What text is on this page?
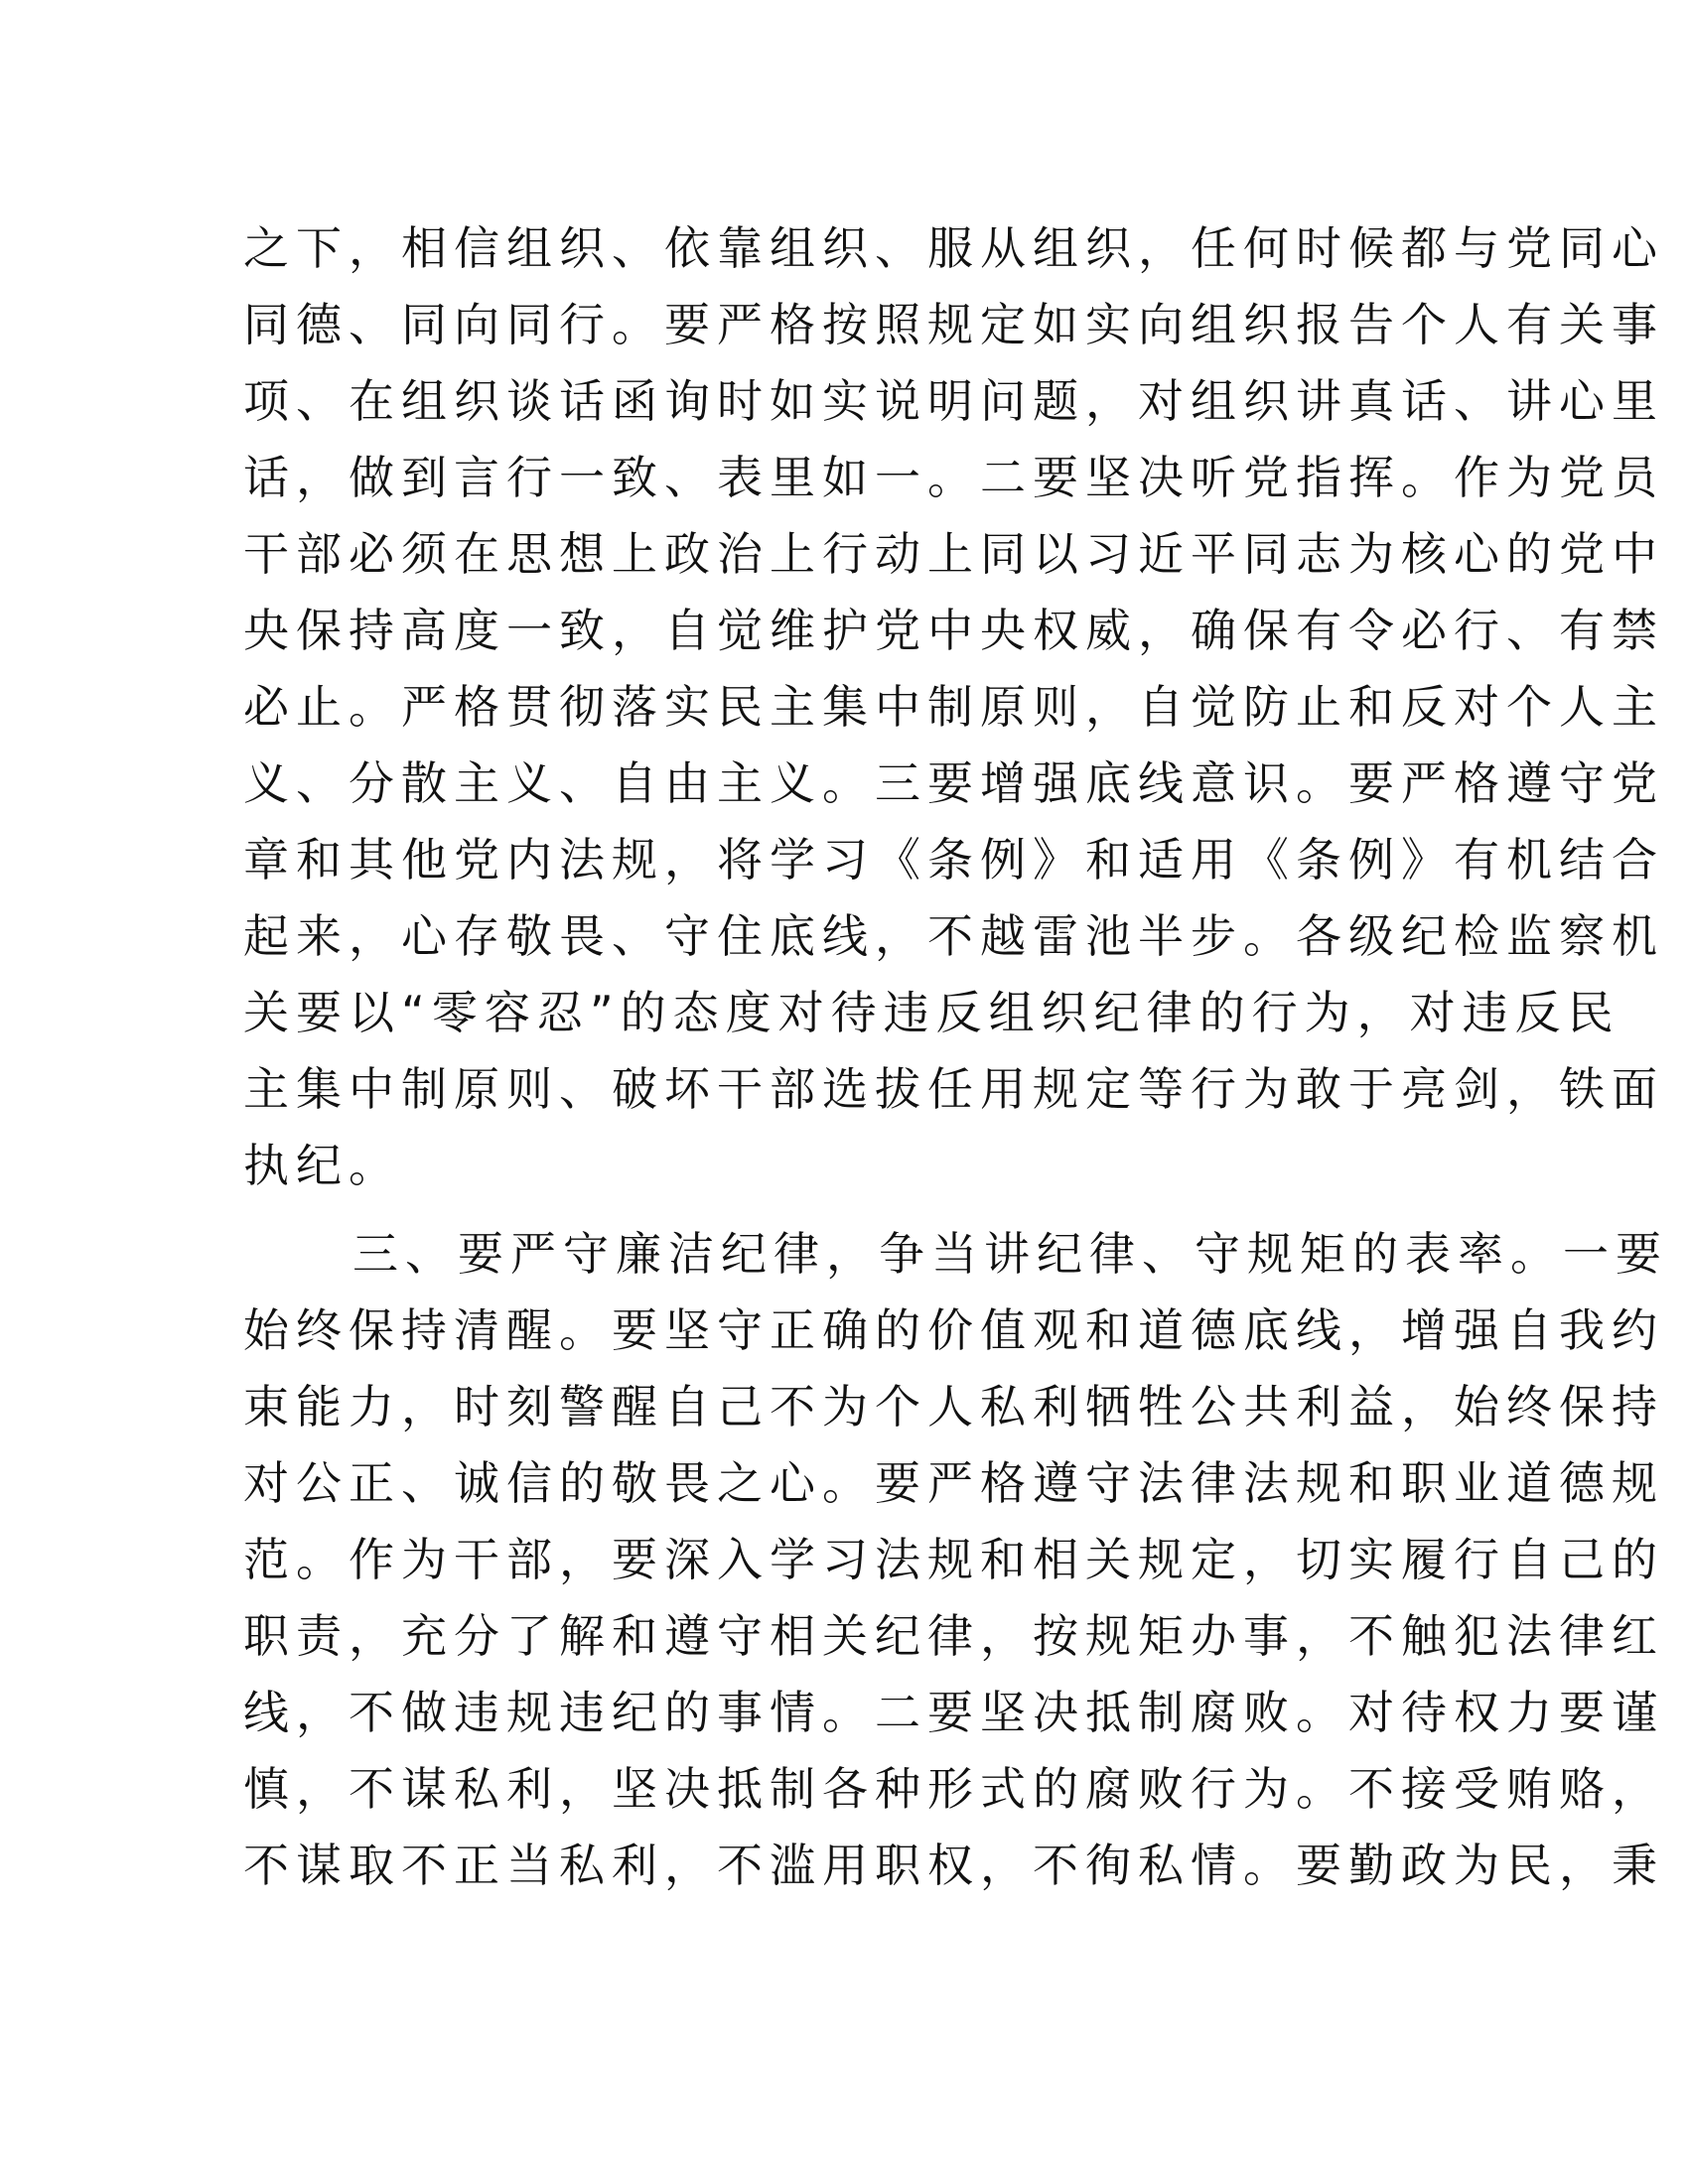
之下，相信组织、依靠组织、服从组织，任何时候都与党同心
同德、同向同行。要严格按照规定如实向组织报告个人有关事
项、在组织谈话函询时如实说明问题，对组织讲真话、讲心里
话，做到言行一致、表里如一。二要坚决听党指挥。作为党员
干部必须在思想上政治上行动上同以习近平同志为核心的党中
央保持高度一致，自觉维护党中央权威，确保有令必行、有禁
必止。严格贯彻落实民主集中制原则，自觉防止和反对个人主
义、分散主义、自由主义。三要增强底线意识。要严格遵守党
章和其他党内法规，将学习《条例》和适用《条例》有机结合
起来，心存敬畏、守住底线，不越雷池半步。各级纪检监察机
关要以“零容忍”的态度对待违反组织纪律的行为，对违反民
主集中制原则、破坏干部选拔任用规定等行为敢于亮剑，铁面
执纪。
三、要严守廉洁纪律，争当讲纪律、守规矩的表率。一要
始终保持清醒。要坚守正确的价值观和道德底线，增强自我约
束能力，时刻警醒自己不为个人私利牺牲公共利益，始终保持
对公正、诚信的敬畏之心。要严格遵守法律法规和职业道德规
范。作为干部，要深入学习法规和相关规定，切实履行自己的
职责，充分了解和遵守相关纪律，按规矩办事，不触犯法律红
线，不做违规违纪的事情。二要坚决抵制腐败。对待权力要谨
慎，不谋私利，坚决抵制各种形式的腐败行为。不接受贿赂，
不谋取不正当私利，不滥用职权，不徇私情。要勤政为民，秉
